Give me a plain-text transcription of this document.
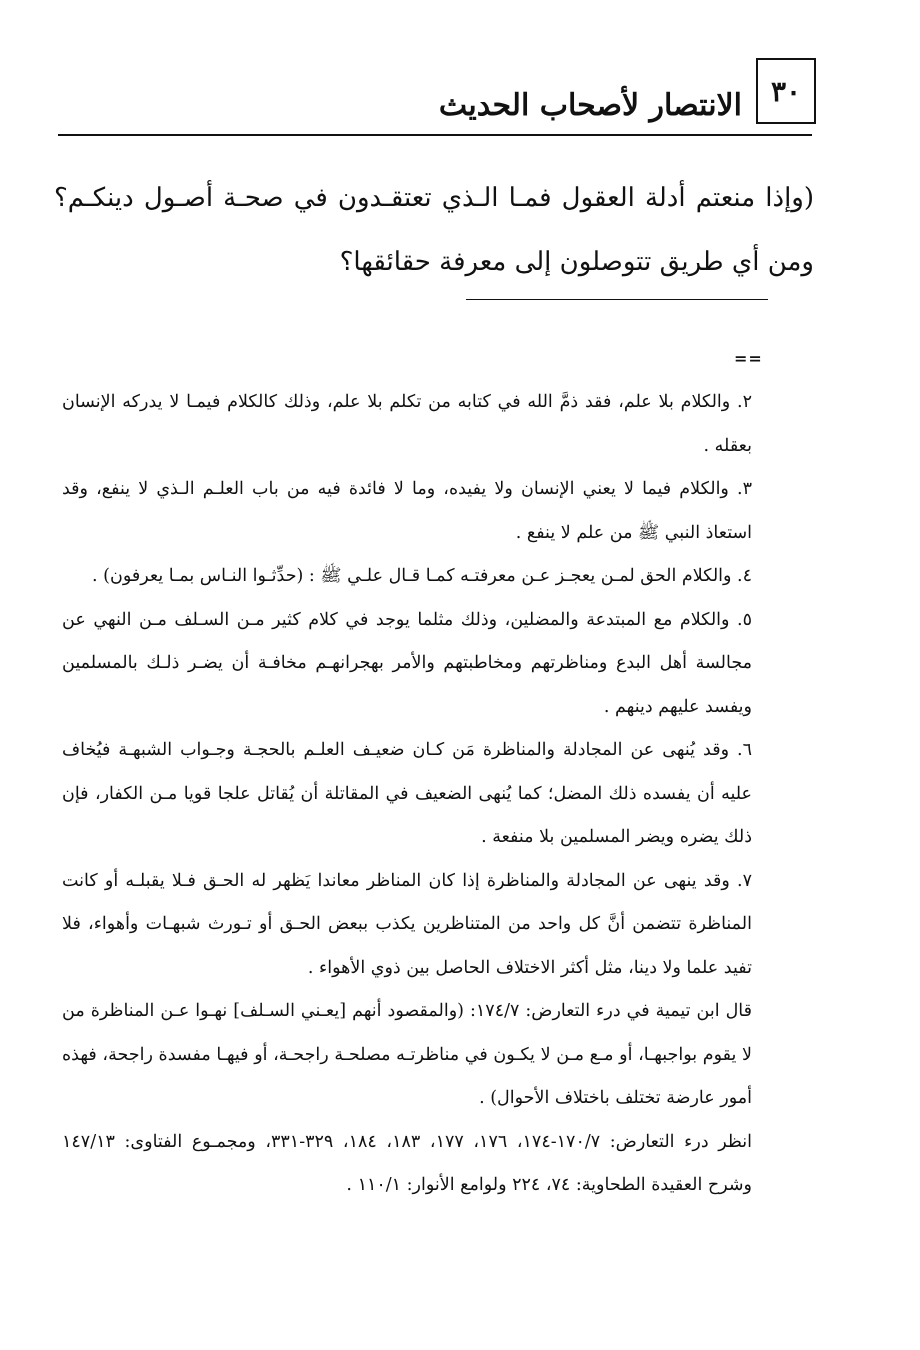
٣٠
الانتصار لأصحاب الحديث

(وإذا منعتم أدلة العقول فمـا الـذي تعتقـدون في صحـة أصـول دينكـم؟ ومن أي طريق تتوصلون إلى معرفة حقائقها؟

==

٢. والكلام بلا علم، فقد ذمَّ الله في كتابه من تكلم بلا علم، وذلك كالكلام فيمـا لا يدركه الإنسان بعقله .

٣. والكلام فيما لا يعني الإنسان ولا يفيده، وما لا فائدة فيه من باب العلـم الـذي لا ينفع، وقد استعاذ النبي ﷺ من علم لا ينفع .

٤. والكلام الحق لمـن يعجـز عـن معرفتـه كمـا قـال علـي ﷺ : (حدِّثـوا النـاس بمـا يعرفون) .

٥. والكلام مع المبتدعة والمضلين، وذلك مثلما يوجد في كلام كثير مـن السـلف مـن النهي عن مجالسة أهل البدع ومناظرتهم ومخاطبتهم والأمر بهجرانهـم مخافـة أن يضـر ذلـك بالمسلمين ويفسد عليهم دينهم .

٦. وقد يُنهى عن المجادلة والمناظرة مَن كـان ضعيـف العلـم بالحجـة وجـواب الشبهـة فيُخاف عليه أن يفسده ذلك المضل؛ كما يُنهى الضعيف في المقاتلة أن يُقاتل علجا قويا مـن الكفار، فإن ذلك يضره ويضر المسلمين بلا منفعة .

٧. وقد ينهى عن المجادلة والمناظرة إذا كان المناظر معاندا يَظهر له الحـق فـلا يقبلـه أو كانت المناظرة تتضمن أنَّ كل واحد من المتناظرين يكذب ببعض الحـق أو تـورث شبهـات وأهواء، فلا تفيد علما ولا دينا، مثل أكثر الاختلاف الحاصل بين ذوي الأهواء .

قال ابن تيمية في درء التعارض: ١٧٤/٧: (والمقصود أنهم [يعـني السـلف] نهـوا عـن المناظرة من لا يقوم بواجبهـا، أو مـع مـن لا يكـون في مناظرتـه مصلحـة راجحـة، أو فيهـا مفسدة راجحة، فهذه أمور عارضة تختلف باختلاف الأحوال) .

انظر درء التعارض: ١٧٠/٧-١٧٤، ١٧٦، ١٧٧، ١٨٣، ١٨٤، ٣٢٩-٣٣١، ومجمـوع الفتاوى: ١٤٧/١٣ وشرح العقيدة الطحاوية: ٧٤، ٢٢٤ ولوامع الأنوار: ١١٠/١ .
